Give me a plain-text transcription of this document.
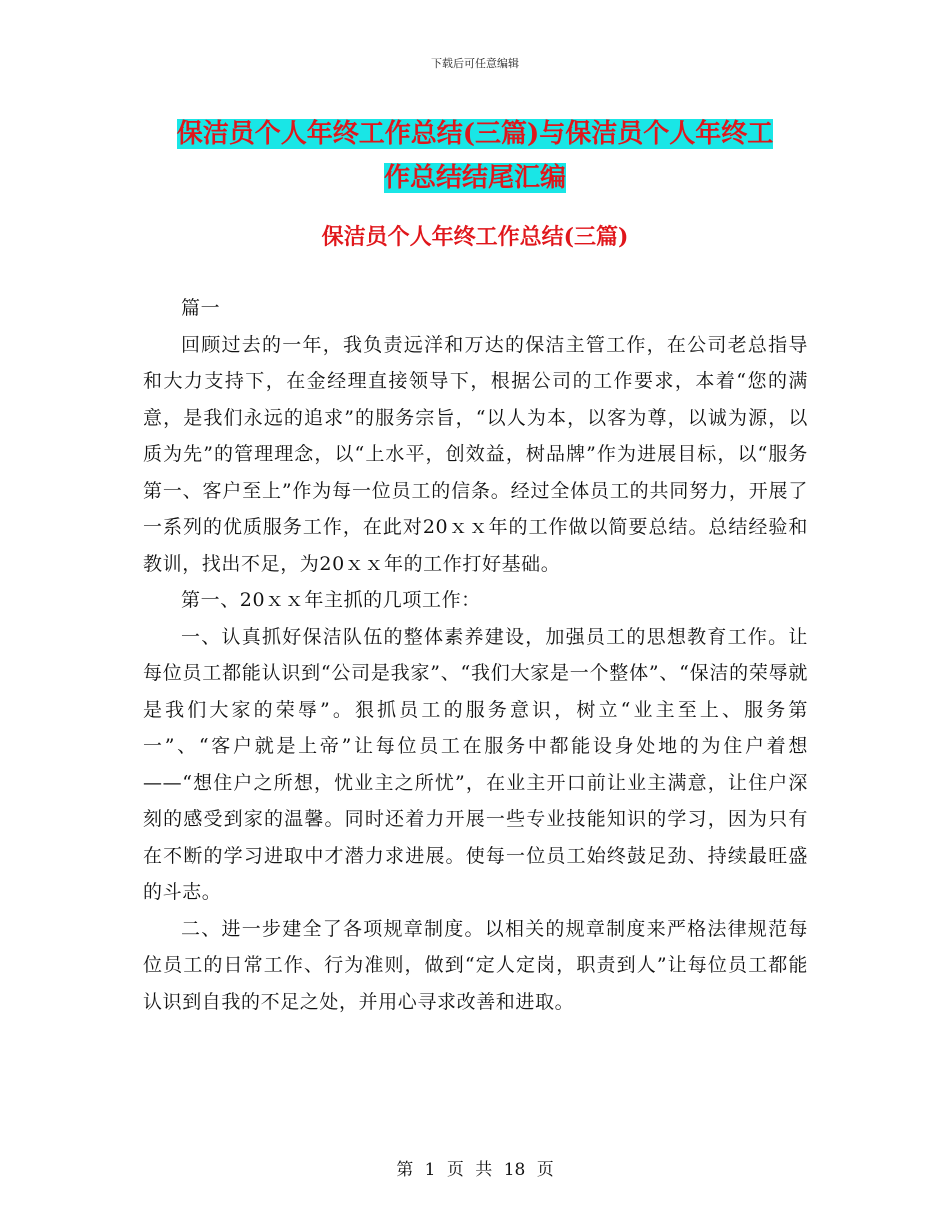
下载后可任意编辑
保洁员个人年终工作总结(三篇)与保洁员个人年终工
作总结结尾汇编
保洁员个人年终工作总结(三篇)

篇一

回顾过去的一年，我负责远洋和万达的保洁主管工作，在公司老总指导和大力支持下，在金经理直接领导下，根据公司的工作要求，本着“您的满意，是我们永远的追求”的服务宗旨，“以人为本，以客为尊，以诚为源，以质为先”的管理理念，以“上水平，创效益，树品牌”作为进展目标，以“服务第一、客户至上”作为每一位员工的信条。经过全体员工的共同努力，开展了一系列的优质服务工作，在此对20ｘｘ年的工作做以简要总结。总结经验和教训，找出不足，为20ｘｘ年的工作打好基础。

第一、20ｘｘ年主抓的几项工作：

一、认真抓好保洁队伍的整体素养建设，加强员工的思想教育工作。让每位员工都能认识到“公司是我家”、“我们大家是一个整体”、“保洁的荣辱就是我们大家的荣辱”。狠抓员工的服务意识，树立“业主至上、服务第一”、“客户就是上帝”让每位员工在服务中都能设身处地的为住户着想——“想住户之所想，忧业主之所忧”，在业主开口前让业主满意，让住户深刻的感受到家的温馨。同时还着力开展一些专业技能知识的学习，因为只有在不断的学习进取中才潜力求进展。使每一位员工始终鼓足劲、持续最旺盛的斗志。

二、进一步建全了各项规章制度。以相关的规章制度来严格法律规范每位员工的日常工作、行为准则，做到“定人定岗，职责到人”让每位员工都能认识到自我的不足之处，并用心寻求改善和进取。

第 1 页 共 18 页
